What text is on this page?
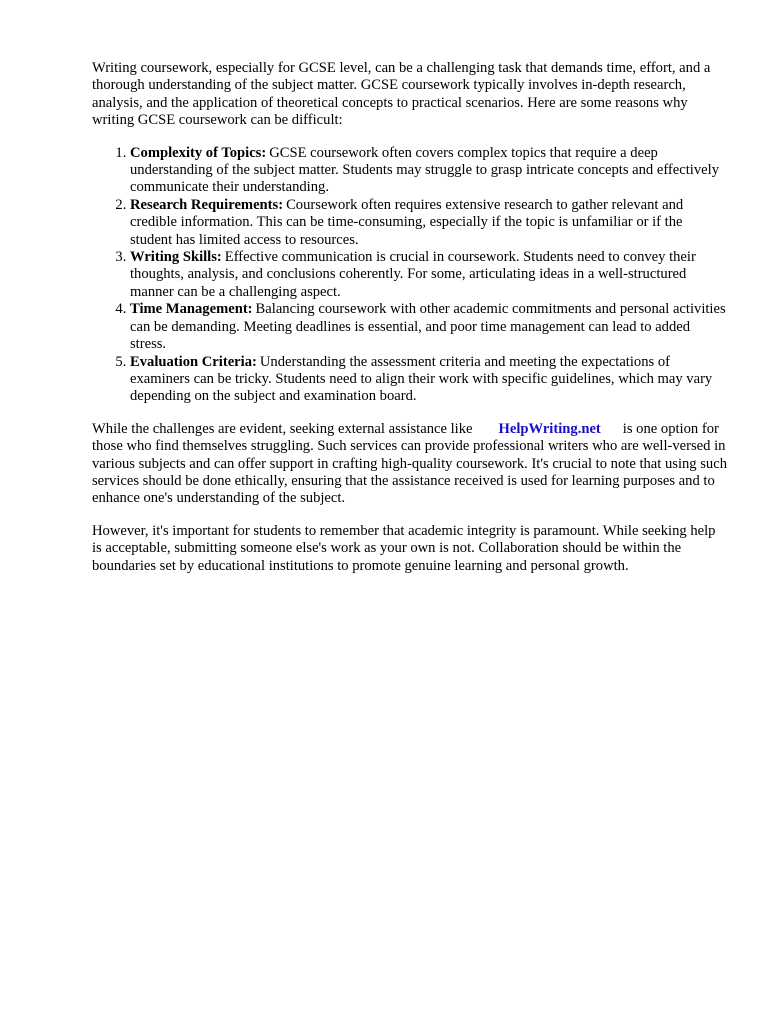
Writing coursework, especially for GCSE level, can be a challenging task that demands time, effort, and a thorough understanding of the subject matter. GCSE coursework typically involves in-depth research, analysis, and the application of theoretical concepts to practical scenarios. Here are some reasons why writing GCSE coursework can be difficult:

1. Complexity of Topics: GCSE coursework often covers complex topics that require a deep understanding of the subject matter. Students may struggle to grasp intricate concepts and effectively communicate their understanding.
2. Research Requirements: Coursework often requires extensive research to gather relevant and credible information. This can be time-consuming, especially if the topic is unfamiliar or if the student has limited access to resources.
3. Writing Skills: Effective communication is crucial in coursework. Students need to convey their thoughts, analysis, and conclusions coherently. For some, articulating ideas in a well-structured manner can be a challenging aspect.
4. Time Management: Balancing coursework with other academic commitments and personal activities can be demanding. Meeting deadlines is essential, and poor time management can lead to added stress.
5. Evaluation Criteria: Understanding the assessment criteria and meeting the expectations of examiners can be tricky. Students need to align their work with specific guidelines, which may vary depending on the subject and examination board.

While the challenges are evident, seeking external assistance like HelpWriting.net is one option for those who find themselves struggling. Such services can provide professional writers who are well-versed in various subjects and can offer support in crafting high-quality coursework. It's crucial to note that using such services should be done ethically, ensuring that the assistance received is used for learning purposes and to enhance one's understanding of the subject.

However, it's important for students to remember that academic integrity is paramount. While seeking help is acceptable, submitting someone else's work as your own is not. Collaboration should be within the boundaries set by educational institutions to promote genuine learning and personal growth.
